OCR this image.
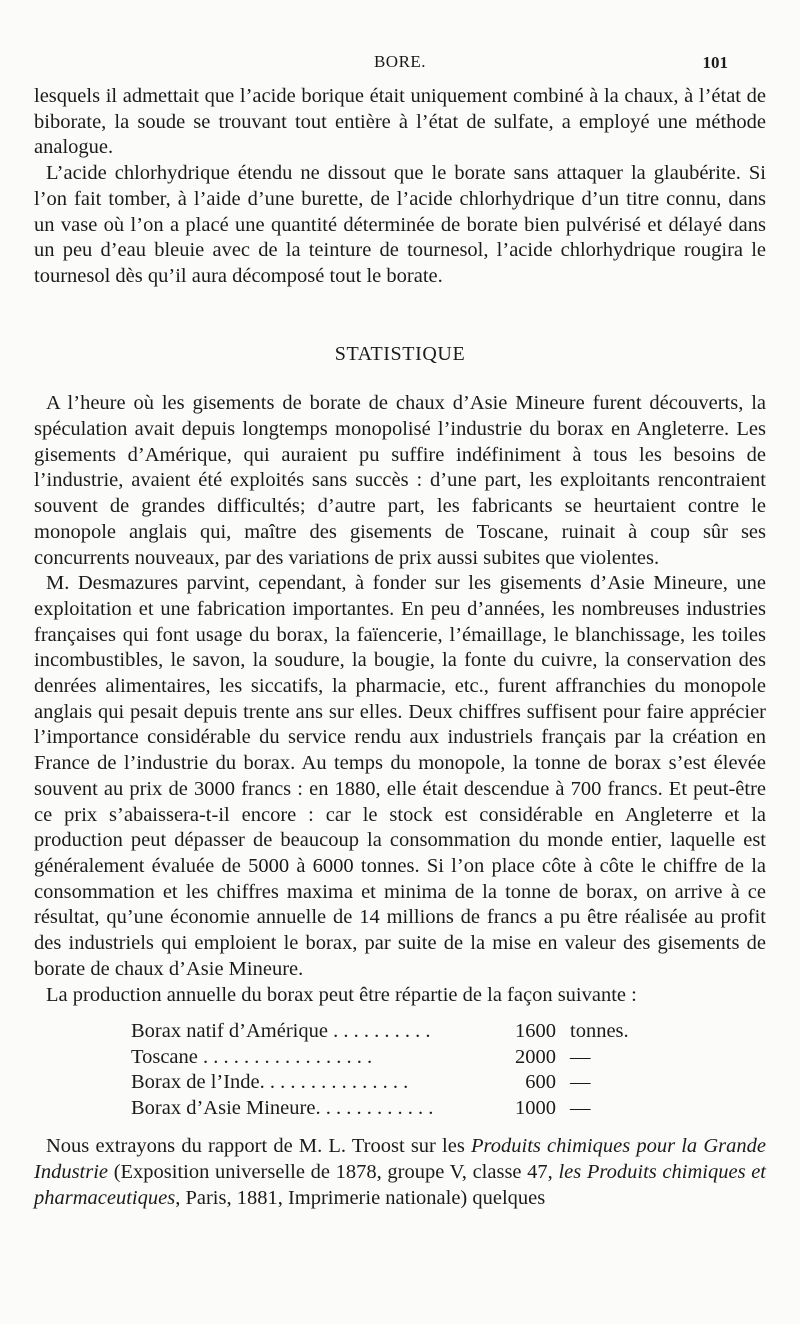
BORE.	101

lesquels il admettait que l’acide borique était uniquement combiné à la chaux, à l’état de biborate, la soude se trouvant tout entière à l’état de sulfate, a employé une méthode analogue.

L’acide chlorhydrique étendu ne dissout que le borate sans attaquer la glaubérite. Si l’on fait tomber, à l’aide d’une burette, de l’acide chlorhydrique d’un titre connu, dans un vase où l’on a placé une quantité déterminée de borate bien pulvérisé et délayé dans un peu d’eau bleuie avec de la teinture de tournesol, l’acide chlorhydrique rougira le tournesol dès qu’il aura décomposé tout le borate.

STATISTIQUE

A l’heure où les gisements de borate de chaux d’Asie Mineure furent découverts, la spéculation avait depuis longtemps monopolisé l’industrie du borax en Angleterre. Les gisements d’Amérique, qui auraient pu suffire indéfiniment à tous les besoins de l’industrie, avaient été exploités sans succès : d’une part, les exploitants rencontraient souvent de grandes difficultés; d’autre part, les fabricants se heurtaient contre le monopole anglais qui, maître des gisements de Toscane, ruinait à coup sûr ses concurrents nouveaux, par des variations de prix aussi subites que violentes.

M. Desmazures parvint, cependant, à fonder sur les gisements d’Asie Mineure, une exploitation et une fabrication importantes. En peu d’années, les nombreuses industries françaises qui font usage du borax, la faïencerie, l’émaillage, le blanchissage, les toiles incombustibles, le savon, la soudure, la bougie, la fonte du cuivre, la conservation des denrées alimentaires, les siccatifs, la pharmacie, etc., furent affranchies du monopole anglais qui pesait depuis trente ans sur elles. Deux chiffres suffisent pour faire apprécier l’importance considérable du service rendu aux industriels français par la création en France de l’industrie du borax. Au temps du monopole, la tonne de borax s’est élevée souvent au prix de 3000 francs : en 1880, elle était descendue à 700 francs. Et peut-être ce prix s’abaissera-t-il encore : car le stock est considérable en Angleterre et la production peut dépasser de beaucoup la consommation du monde entier, laquelle est généralement évaluée de 5000 à 6000 tonnes. Si l’on place côte à côte le chiffre de la consommation et les chiffres maxima et minima de la tonne de borax, on arrive à ce résultat, qu’une économie annuelle de 14 millions de francs a pu être réalisée au profit des industriels qui emploient le borax, par suite de la mise en valeur des gisements de borate de chaux d’Asie Mineure.

La production annuelle du borax peut être répartie de la façon suivante :

Borax natif d’Amérique . . . . . . . . . .	1600	tonnes.
Toscane . . . . . . . . . . . . . . . . .	2000	—
Borax de l’Inde. . . . . . . . . . . . . . .	600	—
Borax d’Asie Mineure. . . . . . . . . . . .	1000	—

Nous extrayons du rapport de M. L. Troost sur les Produits chimiques pour la Grande Industrie (Exposition universelle de 1878, groupe V, classe 47, les Produits chimiques et pharmaceutiques, Paris, 1881, Imprimerie nationale) quelques
